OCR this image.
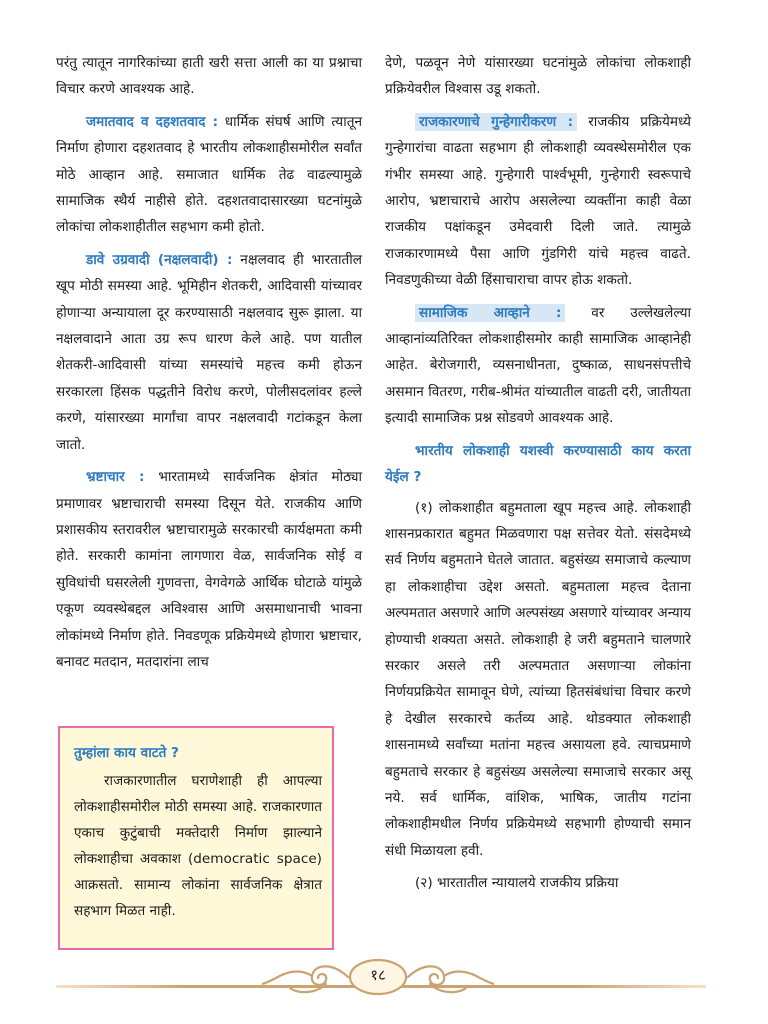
परंतु त्यातून नागरिकांच्या हाती खरी सत्ता आली का या प्रश्नाचा विचार करणे आवश्यक आहे.

जमातवाद व दहशतवाद : धार्मिक संघर्ष आणि त्यातून निर्माण होणारा दहशतवाद हे भारतीय लोकशाहीसमोरील सर्वांत मोठे आव्हान आहे. समाजात धार्मिक तेढ वाढल्यामुळे सामाजिक स्थैर्य नाहीसे होते. दहशतवादासारख्या घटनांमुळे लोकांचा लोकशाहीतील सहभाग कमी होतो.

डावे उग्रवादी (नक्षलवादी) : नक्षलवाद ही भारतातील खूप मोठी समस्या आहे. भूमिहीन शेतकरी, आदिवासी यांच्यावर होणाऱ्या अन्यायाला दूर करण्यासाठी नक्षलवाद सुरू झाला. या नक्षलवादाने आता उग्र रूप धारण केले आहे. पण यातील शेतकरी-आदिवासी यांच्या समस्यांचे महत्त्व कमी होऊन सरकारला हिंसक पद्धतीने विरोध करणे, पोलीसदलांवर हल्ले करणे, यांसारख्या मार्गांचा वापर नक्षलवादी गटांकडून केला जातो.

भ्रष्टाचार : भारतामध्ये सार्वजनिक क्षेत्रांत मोठ्या प्रमाणावर भ्रष्टाचाराची समस्या दिसून येते. राजकीय आणि प्रशासकीय स्तरावरील भ्रष्टाचारामुळे सरकारची कार्यक्षमता कमी होते. सरकारी कामांना लागणारा वेळ, सार्वजनिक सोई व सुविधांची घसरलेली गुणवत्ता, वेगवेगळे आर्थिक घोटाळे यांमुळे एकूण व्यवस्थेबद्दल अविश्वास आणि असमाधानाची भावना लोकांमध्ये निर्माण होते. निवडणूक प्रक्रियेमध्ये होणारा भ्रष्टाचार, बनावट मतदान, मतदारांना लाच

तुम्हांला काय वाटते ?

राजकारणातील घराणेशाही ही आपल्या लोकशाहीसमोरील मोठी समस्या आहे. राजकारणात एकाच कुटुंबाची मक्तेदारी निर्माण झाल्याने लोकशाहीचा अवकाश (democratic space) आक्रसतो. सामान्य लोकांना सार्वजनिक क्षेत्रात सहभाग मिळत नाही.

देणे, पळवून नेणे यांसारख्या घटनांमुळे लोकांचा लोकशाही प्रक्रियेवरील विश्वास उडू शकतो.

राजकारणाचे गुन्हेगारीकरण : राजकीय प्रक्रियेमध्ये गुन्हेगारांचा वाढता सहभाग ही लोकशाही व्यवस्थेसमोरील एक गंभीर समस्या आहे. गुन्हेगारी पार्श्वभूमी, गुन्हेगारी स्वरूपाचे आरोप, भ्रष्टाचाराचे आरोप असलेल्या व्यक्तींना काही वेळा राजकीय पक्षांकडून उमेदवारी दिली जाते. त्यामुळे राजकारणामध्ये पैसा आणि गुंडगिरी यांचे महत्त्व वाढते. निवडणुकीच्या वेळी हिंसाचाराचा वापर होऊ शकतो.

सामाजिक आव्हाने : वर उल्लेखलेल्या आव्हानांव्यतिरिक्त लोकशाहीसमोर काही सामाजिक आव्हानेही आहेत. बेरोजगारी, व्यसनाधीनता, दुष्काळ, साधनसंपत्तीचे असमान वितरण, गरीब-श्रीमंत यांच्यातील वाढती दरी, जातीयता इत्यादी सामाजिक प्रश्न सोडवणे आवश्यक आहे.

भारतीय लोकशाही यशस्वी करण्यासाठी काय करता येईल ?

(१) लोकशाहीत बहुमताला खूप महत्त्व आहे. लोकशाही शासनप्रकारात बहुमत मिळवणारा पक्ष सत्तेवर येतो. संसदेमध्ये सर्व निर्णय बहुमताने घेतले जातात. बहुसंख्य समाजाचे कल्याण हा लोकशाहीचा उद्देश असतो. बहुमताला महत्त्व देताना अल्पमतात असणारे आणि अल्पसंख्य असणारे यांच्यावर अन्याय होण्याची शक्यता असते. लोकशाही हे जरी बहुमताने चालणारे सरकार असले तरी अल्पमतात असणाऱ्या लोकांना निर्णयप्रक्रियेत सामावून घेणे, त्यांच्या हितसंबंधांचा विचार करणे हे देखील सरकारचे कर्तव्य आहे. थोडक्यात लोकशाही शासनामध्ये सर्वांच्या मतांना महत्त्व असायला हवे. त्याचप्रमाणे बहुमताचे सरकार हे बहुसंख्य असलेल्या समाजाचे सरकार असू नये. सर्व धार्मिक, वांशिक, भाषिक, जातीय गटांना लोकशाहीमधील निर्णय प्रक्रियेमध्ये सहभागी होण्याची समान संधी मिळायला हवी.

(२) भारतातील न्यायालये राजकीय प्रक्रिया

१८
